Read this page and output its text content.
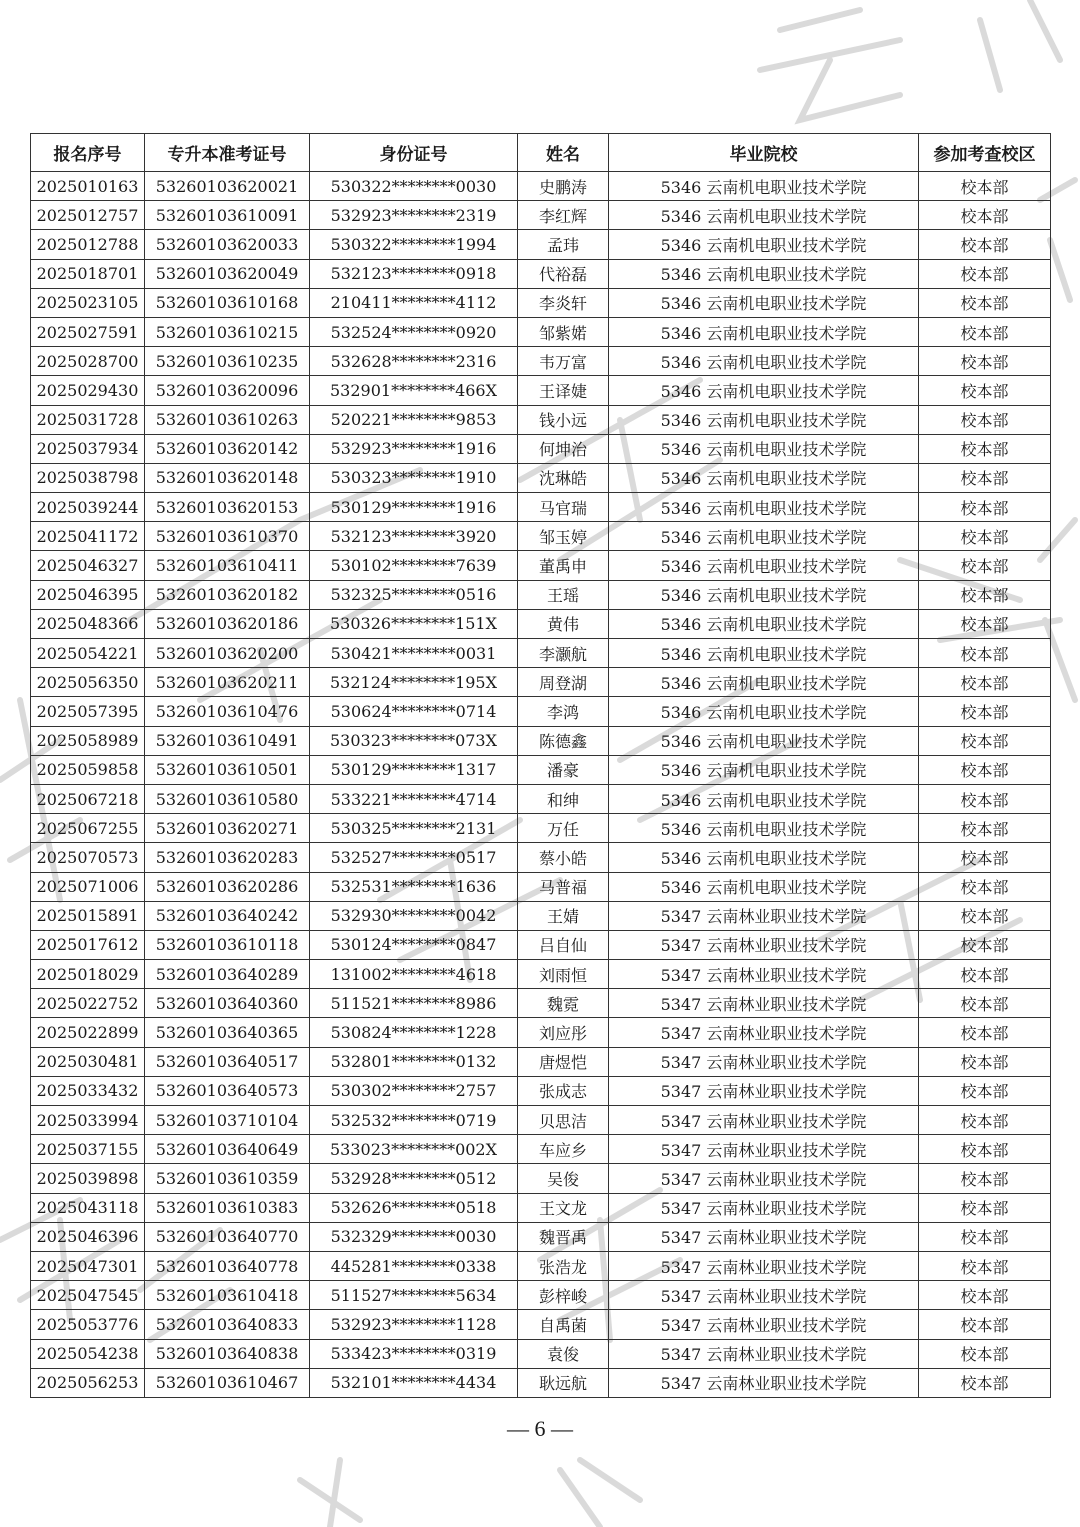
报名序号	专升本准考证号	身份证号	姓名	毕业院校	参加考查校区
2025010163	53260103620021	530322********0030	史鹏涛	5346 云南机电职业技术学院	校本部
2025012757	53260103610091	532923********2319	李红辉	5346 云南机电职业技术学院	校本部
2025012788	53260103620033	530322********1994	孟玮	5346 云南机电职业技术学院	校本部
2025018701	53260103620049	532123********0918	代裕磊	5346 云南机电职业技术学院	校本部
2025023105	53260103610168	210411********4112	李炎轩	5346 云南机电职业技术学院	校本部
2025027591	53260103610215	532524********0920	邹紫婼	5346 云南机电职业技术学院	校本部
2025028700	53260103610235	532628********2316	韦万富	5346 云南机电职业技术学院	校本部
2025029430	53260103620096	532901********466X	王译婕	5346 云南机电职业技术学院	校本部
2025031728	53260103610263	520221********9853	钱小远	5346 云南机电职业技术学院	校本部
2025037934	53260103620142	532923********1916	何坤治	5346 云南机电职业技术学院	校本部
2025038798	53260103620148	530323********1910	沈琳皓	5346 云南机电职业技术学院	校本部
2025039244	53260103620153	530129********1916	马官瑞	5346 云南机电职业技术学院	校本部
2025041172	53260103610370	532123********3920	邹玉婷	5346 云南机电职业技术学院	校本部
2025046327	53260103610411	530102********7639	董禹申	5346 云南机电职业技术学院	校本部
2025046395	53260103620182	532325********0516	王瑶	5346 云南机电职业技术学院	校本部
2025048366	53260103620186	530326********151X	黄伟	5346 云南机电职业技术学院	校本部
2025054221	53260103620200	530421********0031	李灏航	5346 云南机电职业技术学院	校本部
2025056350	53260103620211	532124********195X	周登湖	5346 云南机电职业技术学院	校本部
2025057395	53260103610476	530624********0714	李鸿	5346 云南机电职业技术学院	校本部
2025058989	53260103610491	530323********073X	陈德鑫	5346 云南机电职业技术学院	校本部
2025059858	53260103610501	530129********1317	潘豪	5346 云南机电职业技术学院	校本部
2025067218	53260103610580	533221********4714	和绅	5346 云南机电职业技术学院	校本部
2025067255	53260103620271	530325********2131	万任	5346 云南机电职业技术学院	校本部
2025070573	53260103620283	532527********0517	蔡小皓	5346 云南机电职业技术学院	校本部
2025071006	53260103620286	532531********1636	马普福	5346 云南机电职业技术学院	校本部
2025015891	53260103640242	532930********0042	王婧	5347 云南林业职业技术学院	校本部
2025017612	53260103610118	530124********0847	吕自仙	5347 云南林业职业技术学院	校本部
2025018029	53260103640289	131002********4618	刘雨恒	5347 云南林业职业技术学院	校本部
2025022752	53260103640360	511521********8986	魏霓	5347 云南林业职业技术学院	校本部
2025022899	53260103640365	530824********1228	刘应彤	5347 云南林业职业技术学院	校本部
2025030481	53260103640517	532801********0132	唐煜恺	5347 云南林业职业技术学院	校本部
2025033432	53260103640573	530302********2757	张成志	5347 云南林业职业技术学院	校本部
2025033994	53260103710104	532532********0719	贝思洁	5347 云南林业职业技术学院	校本部
2025037155	53260103640649	533023********002X	车应乡	5347 云南林业职业技术学院	校本部
2025039898	53260103610359	532928********0512	吴俊	5347 云南林业职业技术学院	校本部
2025043118	53260103610383	532626********0518	王文龙	5347 云南林业职业技术学院	校本部
2025046396	53260103640770	532329********0030	魏晋禹	5347 云南林业职业技术学院	校本部
2025047301	53260103640778	445281********0338	张浩龙	5347 云南林业职业技术学院	校本部
2025047545	53260103610418	511527********5634	彭梓峻	5347 云南林业职业技术学院	校本部
2025053776	53260103640833	532923********1128	自禹菌	5347 云南林业职业技术学院	校本部
2025054238	53260103640838	533423********0319	袁俊	5347 云南林业职业技术学院	校本部
2025056253	53260103610467	532101********4434	耿远航	5347 云南林业职业技术学院	校本部
— 6 —
